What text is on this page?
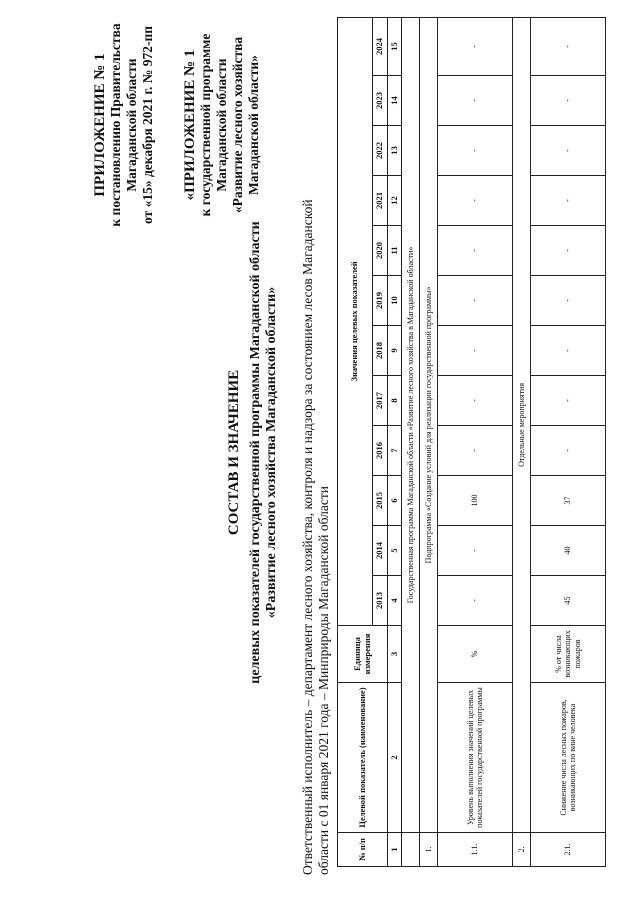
ПРИЛОЖЕНИЕ № 1 к постановлению Правительства Магаданской области от «15» декабря 2021 г. № 972-пп «ПРИЛОЖЕНИЕ № 1 к государственной программе Магаданской области «Развитие лесного хозяйства Магаданской области»
СОСТАВ И ЗНАЧЕНИЕ целевых показателей государственной программы Магаданской области «Развитие лесного хозяйства Магаданской области» Ответственный исполнитель – департамент лесного хозяйства, контроля и надзора за состоянием лесов Магаданской области с 01 января 2021 года – Минприроды Магаданской области	№ п/п	Целевой показатель (наименование)	Единица измерения	Значения целевых показателей											
			2013	2014	2015	2016	2017	2018	2019	2020	2021	2022	2023	2024
1	2	3	4	5	6	7	8	9	10	11	12	13	14	15
	Государственная программа Магаданской области «Развитие лесного хозяйства в Магаданской области»													
1.	Подпрограмма «Создание условий для реализации государственной программы»													
1.1.	Уровень выполнения значений целевых показателей государственной программы	%	-	-	100	-	-	-	-	-	-	-	-	-
2.	Отдельные мероприятия													
2.1.	Снижение числа лесных пожаров, возникающих по вине человека	% от числа возникающих пожаров	45	40	37	-	-	-	-	-	-	-	-	-
